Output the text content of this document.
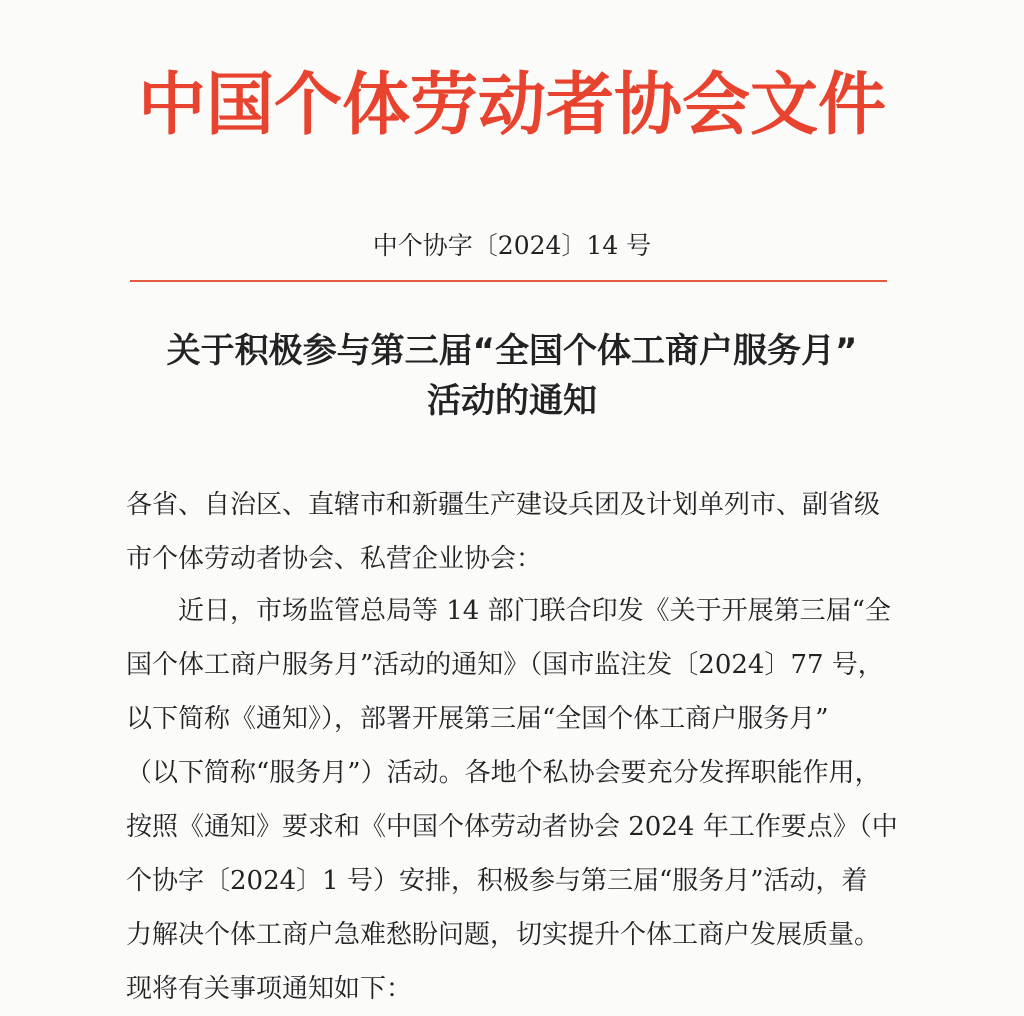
中国个体劳动者协会文件
中个协字〔2024〕14 号
关于积极参与第三届“全国个体工商户服务月”
活动的通知
各省、自治区、直辖市和新疆生产建设兵团及计划单列市、副省级
市个体劳动者协会、私营企业协会：
近日，市场监管总局等 14 部门联合印发《关于开展第三届“全
国个体工商户服务月”活动的通知》（国市监注发〔2024〕77 号，
以下简称《通知》），部署开展第三届“全国个体工商户服务月”
（以下简称“服务月”）活动。各地个私协会要充分发挥职能作用，
按照《通知》要求和《中国个体劳动者协会 2024 年工作要点》（中
个协字〔2024〕1 号）安排，积极参与第三届“服务月”活动，着
力解决个体工商户急难愁盼问题，切实提升个体工商户发展质量。
现将有关事项通知如下：
